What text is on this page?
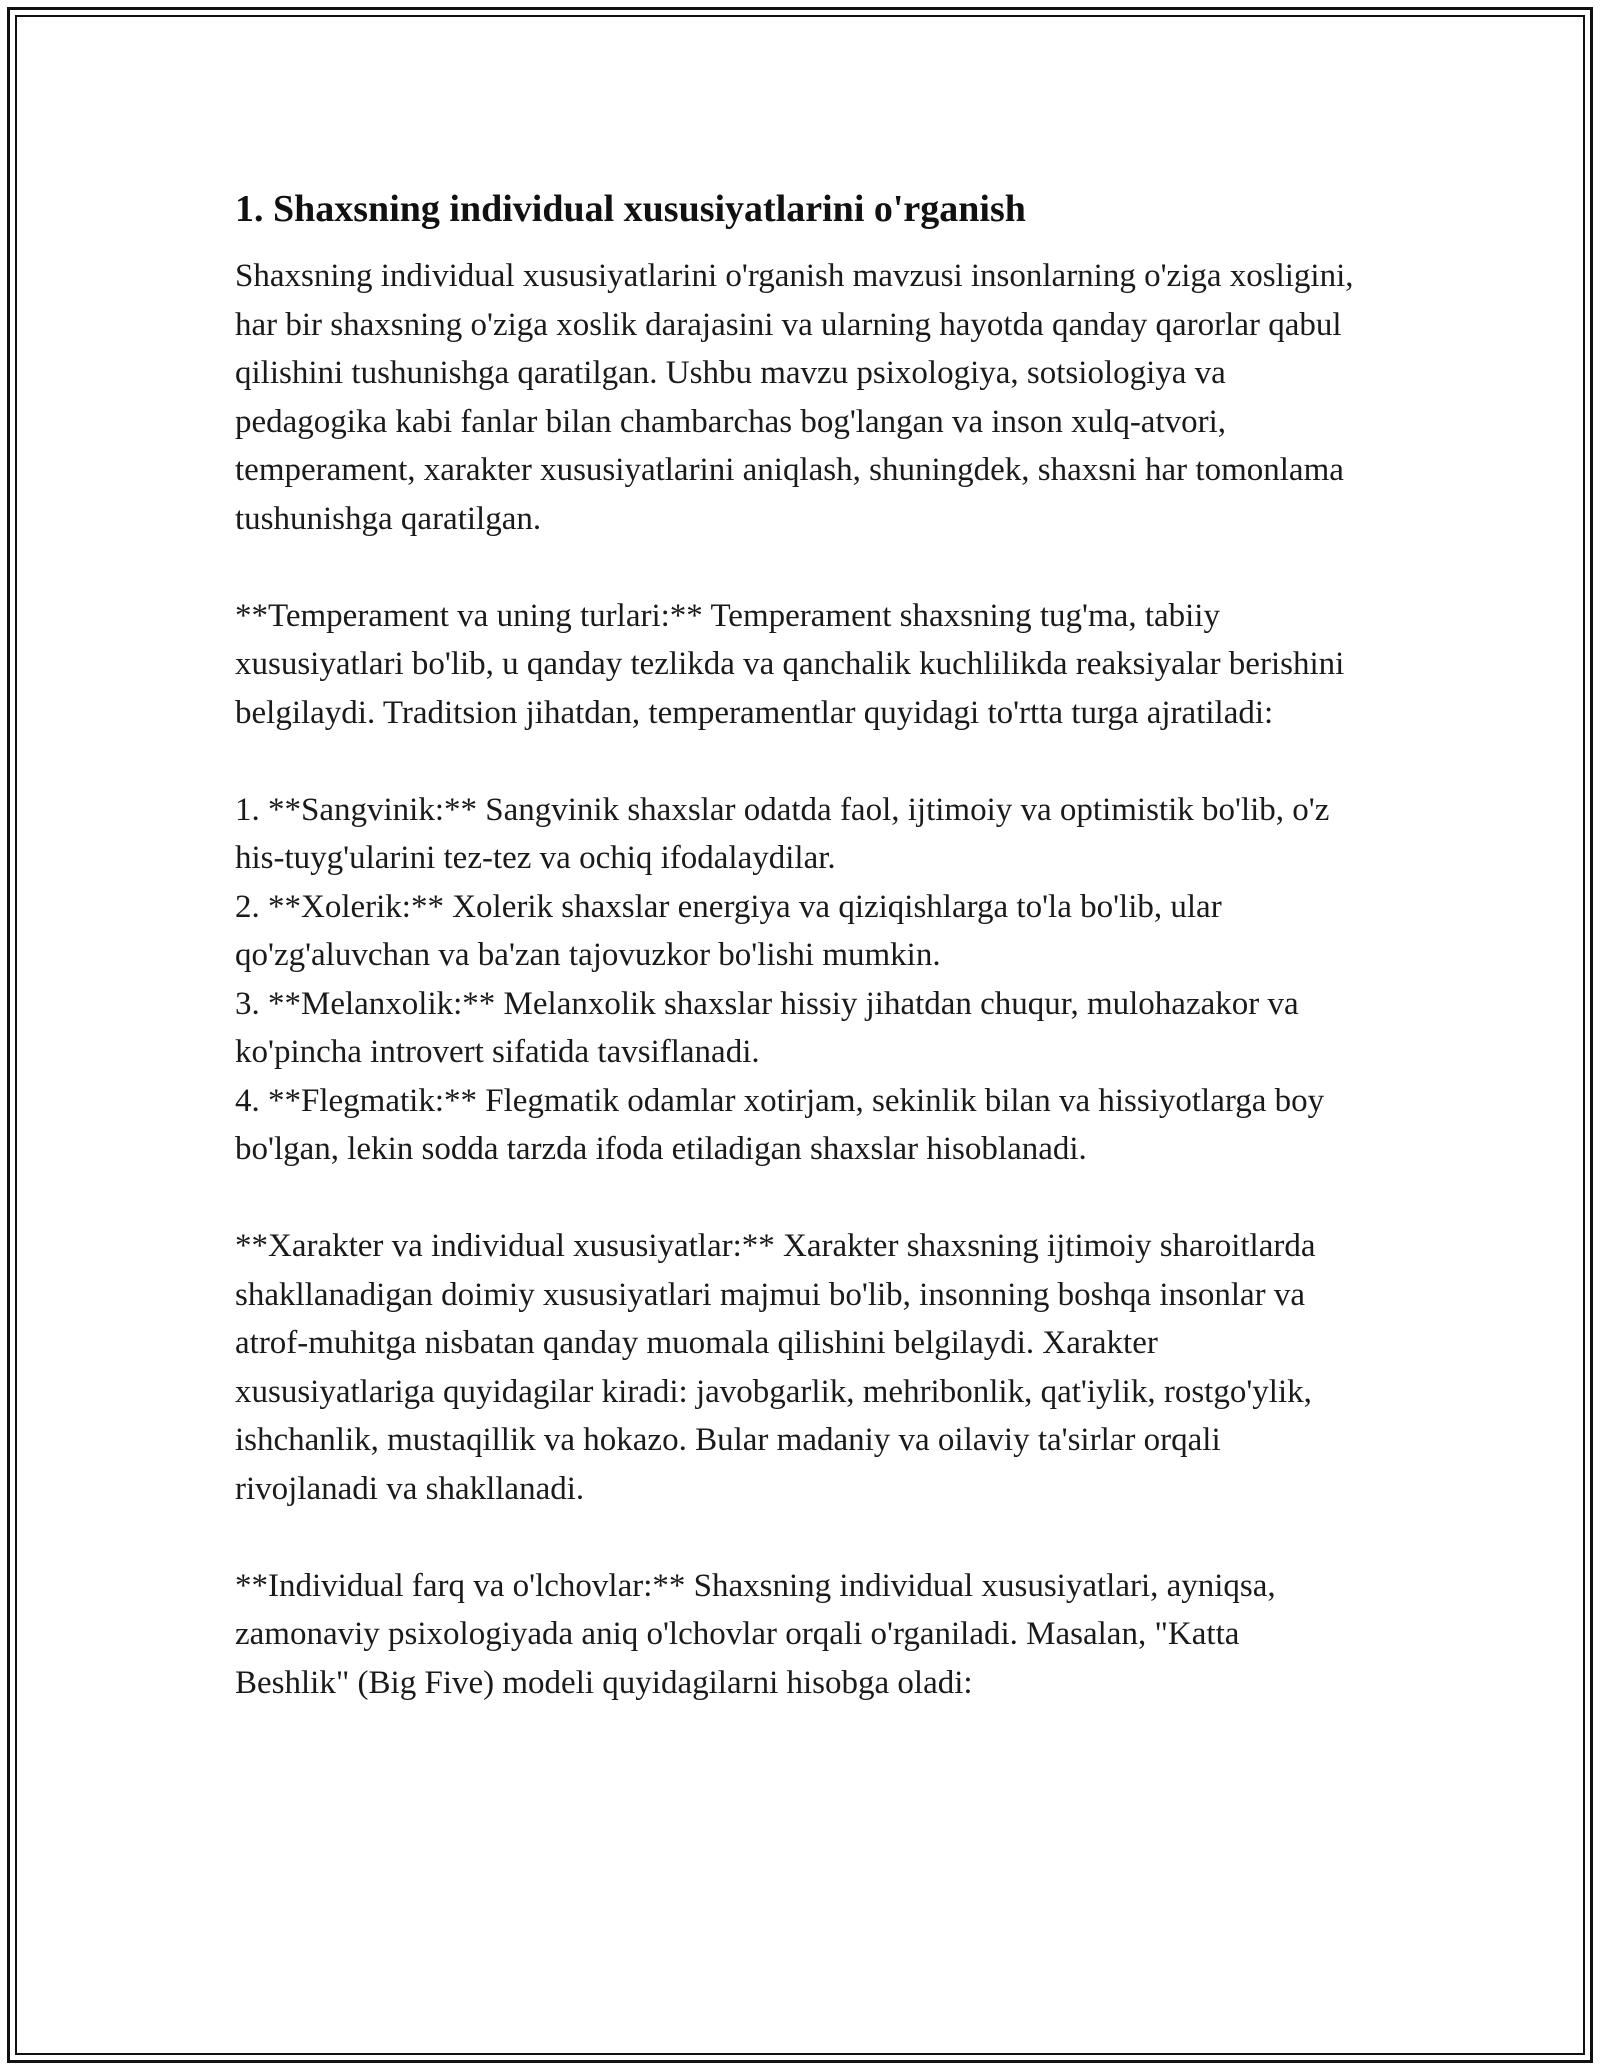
1. Shaxsning individual xususiyatlarini o'rganish

Shaxsning individual xususiyatlarini o'rganish mavzusi insonlarning o'ziga xosligini, har bir shaxsning o'ziga xoslik darajasini va ularning hayotda qanday qarorlar qabul qilishini tushunishga qaratilgan. Ushbu mavzu psixologiya, sotsiologiya va pedagogika kabi fanlar bilan chambarchas bog'langan va inson xulq-atvori, temperament, xarakter xususiyatlarini aniqlash, shuningdek, shaxsni har tomonlama tushunishga qaratilgan.

**Temperament va uning turlari:** Temperament shaxsning tug'ma, tabiiy xususiyatlari bo'lib, u qanday tezlikda va qanchalik kuchlilikda reaksiyalar berishini belgilaydi. Traditsion jihatdan, temperamentlar quyidagi to'rtta turga ajratiladi:

1. **Sangvinik:** Sangvinik shaxslar odatda faol, ijtimoiy va optimistik bo'lib, o'z his-tuyg'ularini tez-tez va ochiq ifodalaydilar.

2. **Xolerik:** Xolerik shaxslar energiya va qiziqishlarga to'la bo'lib, ular qo'zg'aluvchan va ba'zan tajovuzkor bo'lishi mumkin.

3. **Melanxolik:** Melanxolik shaxslar hissiy jihatdan chuqur, mulohazakor va ko'pincha introvert sifatida tavsiflanadi.

4. **Flegmatik:** Flegmatik odamlar xotirjam, sekinlik bilan va hissiyotlarga boy bo'lgan, lekin sodda tarzda ifoda etiladigan shaxslar hisoblanadi.

**Xarakter va individual xususiyatlar:** Xarakter shaxsning ijtimoiy sharoitlarda shakllanadigan doimiy xususiyatlari majmui bo'lib, insonning boshqa insonlar va atrof-muhitga nisbatan qanday muomala qilishini belgilaydi. Xarakter xususiyatlariga quyidagilar kiradi: javobgarlik, mehribonlik, qat'iylik, rostgo'ylik, ishchanlik, mustaqillik va hokazo. Bular madaniy va oilaviy ta'sirlar orqali rivojlanadi va shakllanadi.

**Individual farq va o'lchovlar:** Shaxsning individual xususiyatlari, ayniqsa, zamonaviy psixologiyada aniq o'lchovlar orqali o'rganiladi. Masalan, "Katta Beshlik" (Big Five) modeli quyidagilarni hisobga oladi:
